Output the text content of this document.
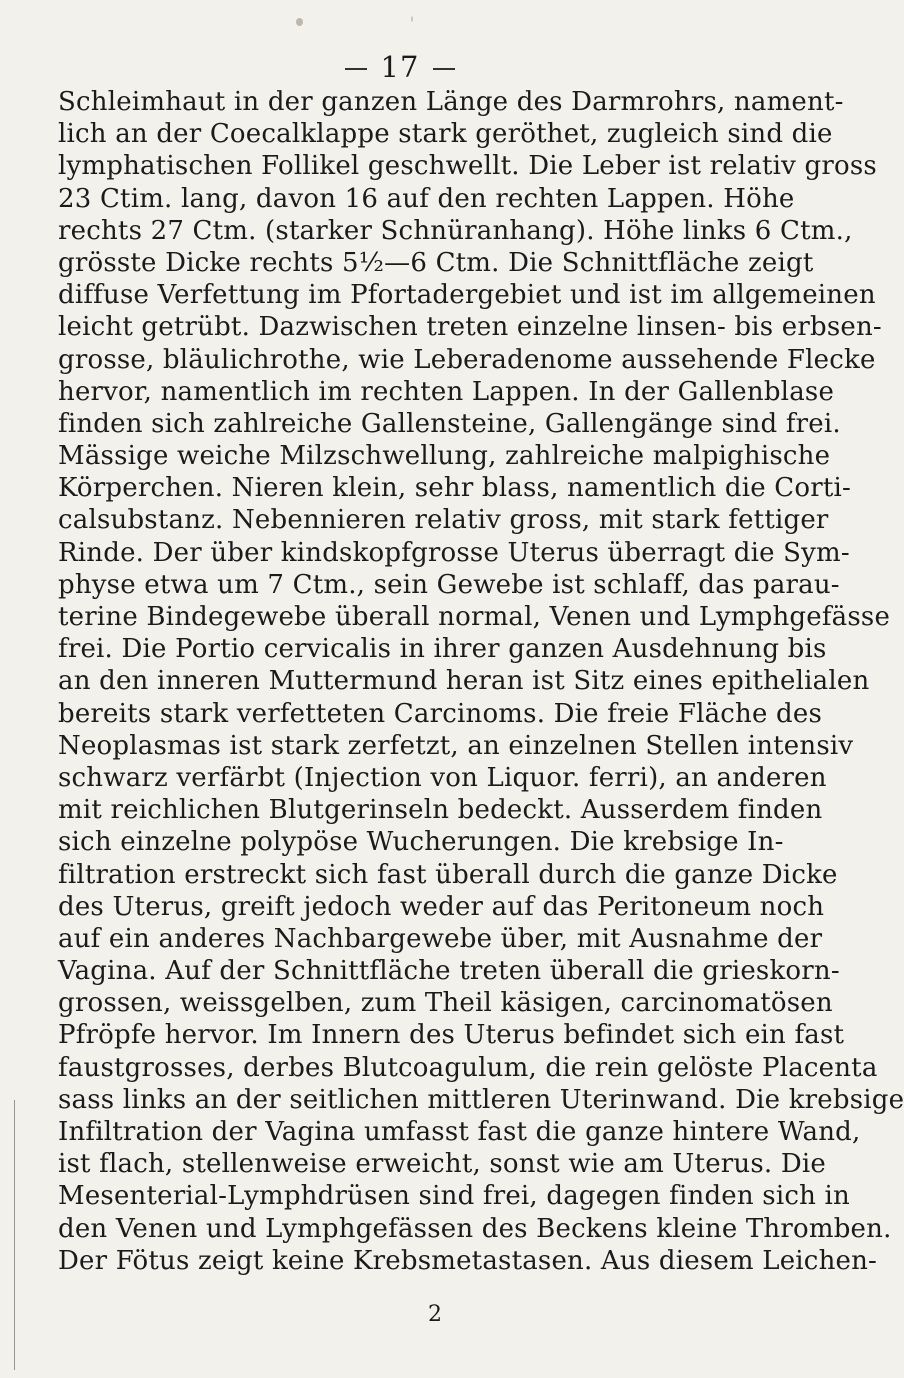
17
Schleimhaut in der ganzen Länge des Darmrohrs, nament-
lich an der Coecalklappe stark geröthet, zugleich sind die
lymphatischen Follikel geschwellt. Die Leber ist relativ gross
23 Ctim. lang, davon 16 auf den rechten Lappen. Höhe
rechts 27 Ctm. (starker Schnüranhang). Höhe links 6 Ctm.,
grösste Dicke rechts 5½—6 Ctm. Die Schnittfläche zeigt
diffuse Verfettung im Pfortadergebiet und ist im allgemeinen
leicht getrübt. Dazwischen treten einzelne linsen- bis erbsen-
grosse, bläulichrothe, wie Leberadenome aussehende Flecke
hervor, namentlich im rechten Lappen. In der Gallenblase
finden sich zahlreiche Gallensteine, Gallengänge sind frei.
Mässige weiche Milzschwellung, zahlreiche malpighische
Körperchen. Nieren klein, sehr blass, namentlich die Corti-
calsubstanz. Nebennieren relativ gross, mit stark fettiger
Rinde. Der über kindskopfgrosse Uterus überragt die Sym-
physe etwa um 7 Ctm., sein Gewebe ist schlaff, das parau-
terine Bindegewebe überall normal, Venen und Lymphgefässe
frei. Die Portio cervicalis in ihrer ganzen Ausdehnung bis
an den inneren Muttermund heran ist Sitz eines epithelialen
bereits stark verfetteten Carcinoms. Die freie Fläche des
Neoplasmas ist stark zerfetzt, an einzelnen Stellen intensiv
schwarz verfärbt (Injection von Liquor. ferri), an anderen
mit reichlichen Blutgerinseln bedeckt. Ausserdem finden
sich einzelne polypöse Wucherungen. Die krebsige In-
filtration erstreckt sich fast überall durch die ganze Dicke
des Uterus, greift jedoch weder auf das Peritoneum noch
auf ein anderes Nachbargewebe über, mit Ausnahme der
Vagina. Auf der Schnittfläche treten überall die grieskorn-
grossen, weissgelben, zum Theil käsigen, carcinomatösen
Pfröpfe hervor. Im Innern des Uterus befindet sich ein fast
faustgrosses, derbes Blutcoagulum, die rein gelöste Placenta
sass links an der seitlichen mittleren Uterinwand. Die krebsige
Infiltration der Vagina umfasst fast die ganze hintere Wand,
ist flach, stellenweise erweicht, sonst wie am Uterus. Die
Mesenterial-Lymphdrüsen sind frei, dagegen finden sich in
den Venen und Lymphgefässen des Beckens kleine Thromben.
Der Fötus zeigt keine Krebsmetastasen. Aus diesem Leichen-
2
